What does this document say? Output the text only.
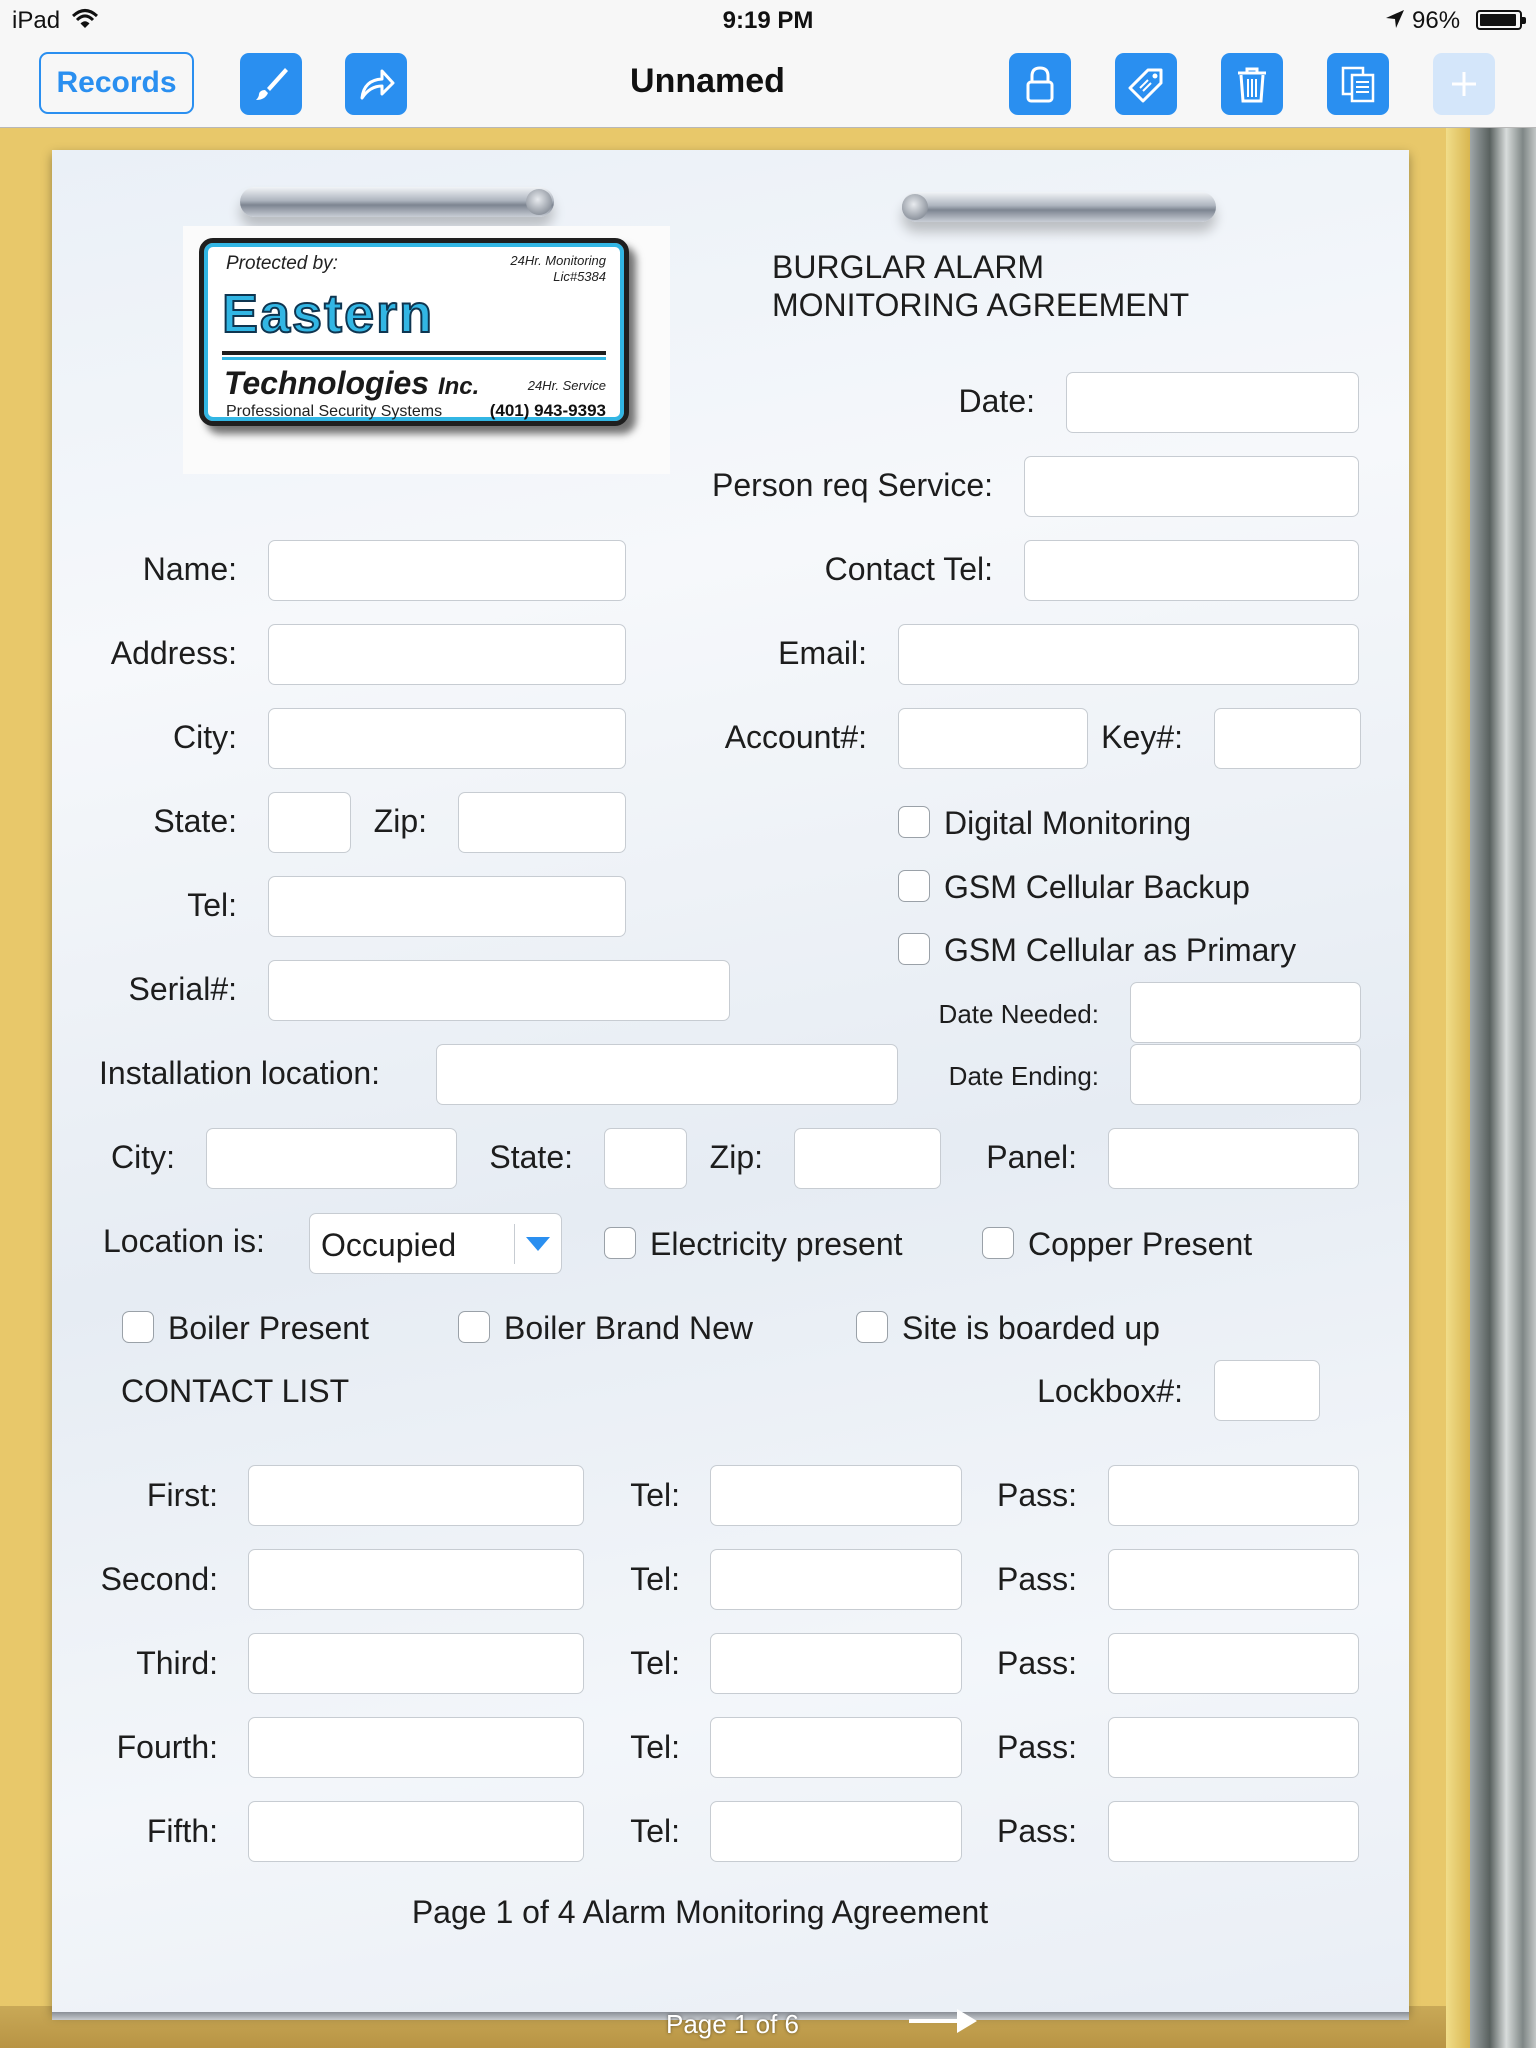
iPad	9:19 PM	96%
Records	Unnamed
Protected by:	24Hr. Monitoring
Lic#5384
Eastern
Technologies Inc.	24Hr. Service
Professional Security Systems	(401) 943-9393
BURGLAR ALARM
MONITORING AGREEMENT
Date:
Person req Service:
Name:	Contact Tel:
Address:	Email:
City:	Account#:	Key#:
State:	Zip:	Digital Monitoring
GSM Cellular Backup
GSM Cellular as Primary
Tel:
Serial#:
Date Needed:
Date Ending:
Installation location:
City:	State:	Zip:	Panel:
Location is: Occupied	Electricity present	Copper Present
Boiler Present	Boiler Brand New	Site is boarded up
CONTACT LIST	Lockbox#:
First:	Tel:	Pass:
Second:	Tel:	Pass:
Third:	Tel:	Pass:
Fourth:	Tel:	Pass:
Fifth:	Tel:	Pass:
Page 1 of 4 Alarm Monitoring Agreement
Page 1 of 6
